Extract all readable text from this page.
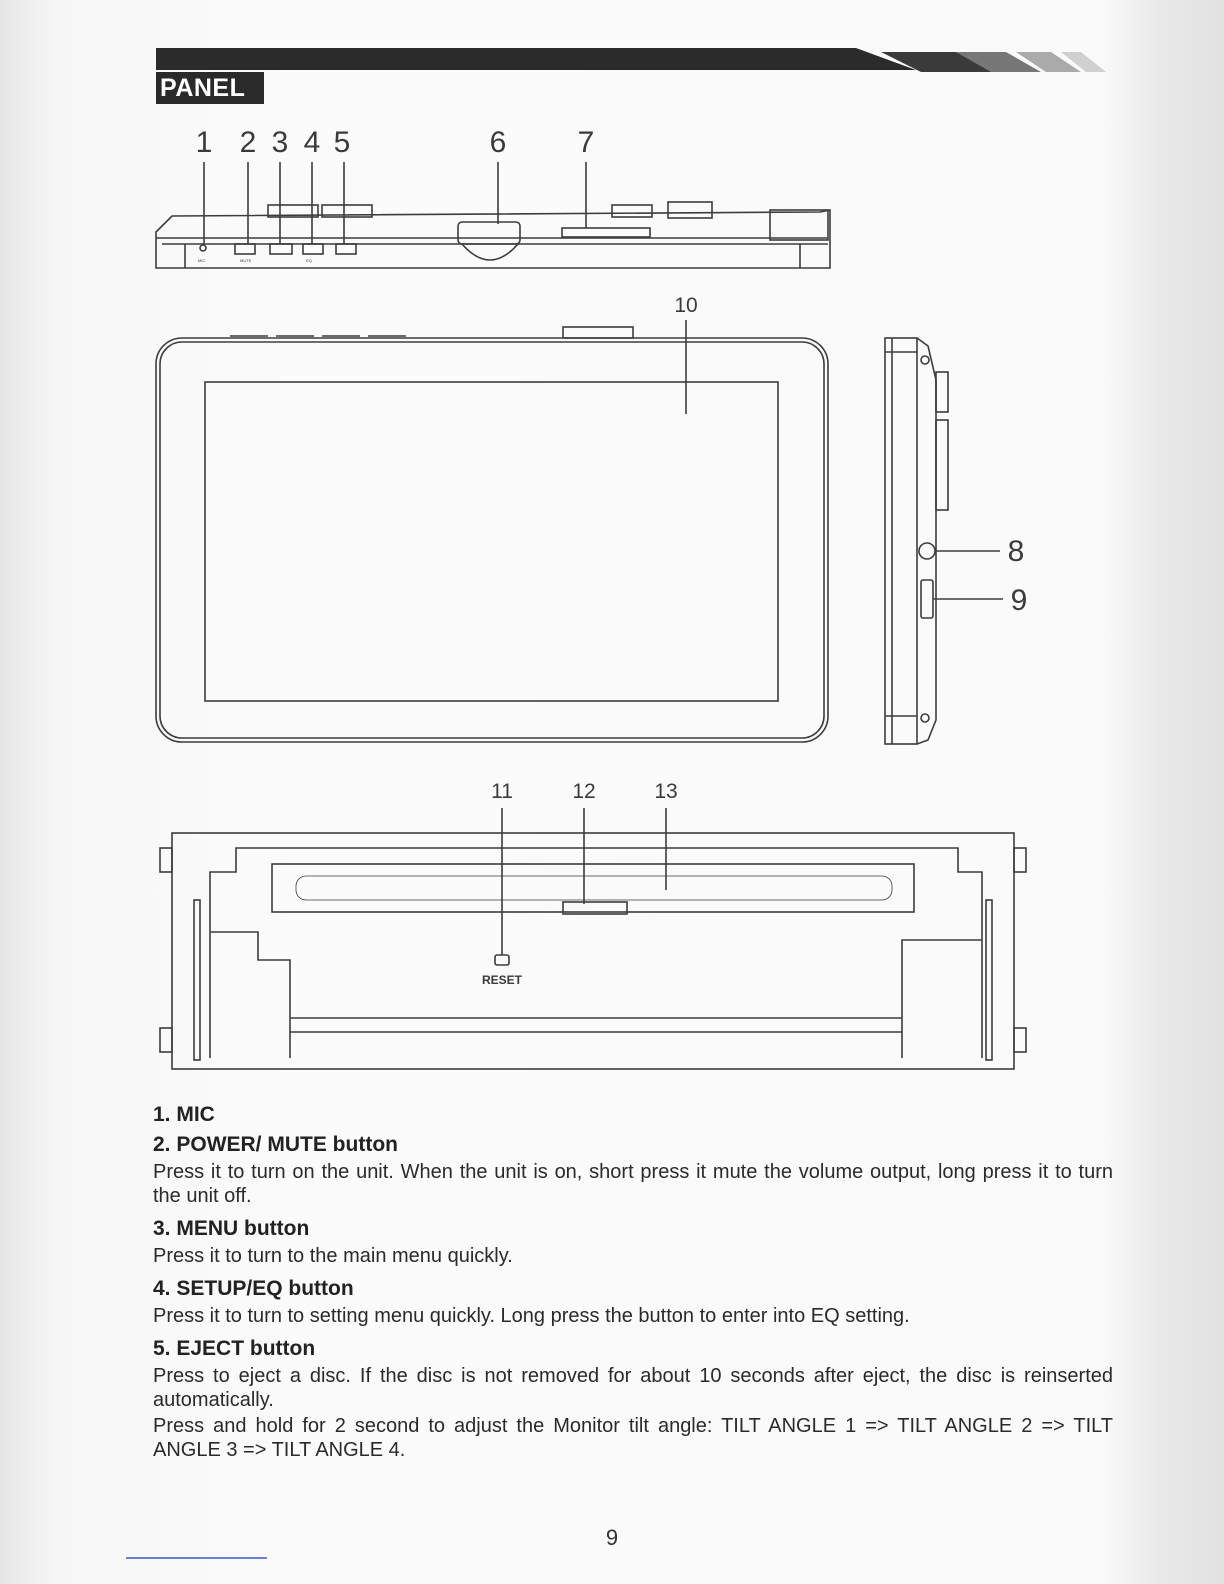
PANEL
MIC	MUTE	EQ
1 2 3 4 5	6 7
8
9
10
11	12	13
RESET

1. MIC

2. POWER/ MUTE button

Press it to turn on the unit. When the unit is on, short press it mute the volume output, long press it to turn the unit off.

3. MENU button

Press it to turn to the main menu quickly.

4. SETUP/EQ button

Press it to turn to setting menu quickly. Long press the button to enter into EQ setting.

5. EJECT button

Press to eject a disc. If the disc is not removed for about 10 seconds after eject, the disc is reinserted automatically.

Press and hold for 2 second to adjust the Monitor tilt angle: TILT ANGLE 1 => TILT ANGLE 2 => TILT ANGLE 3 => TILT ANGLE 4.

9
